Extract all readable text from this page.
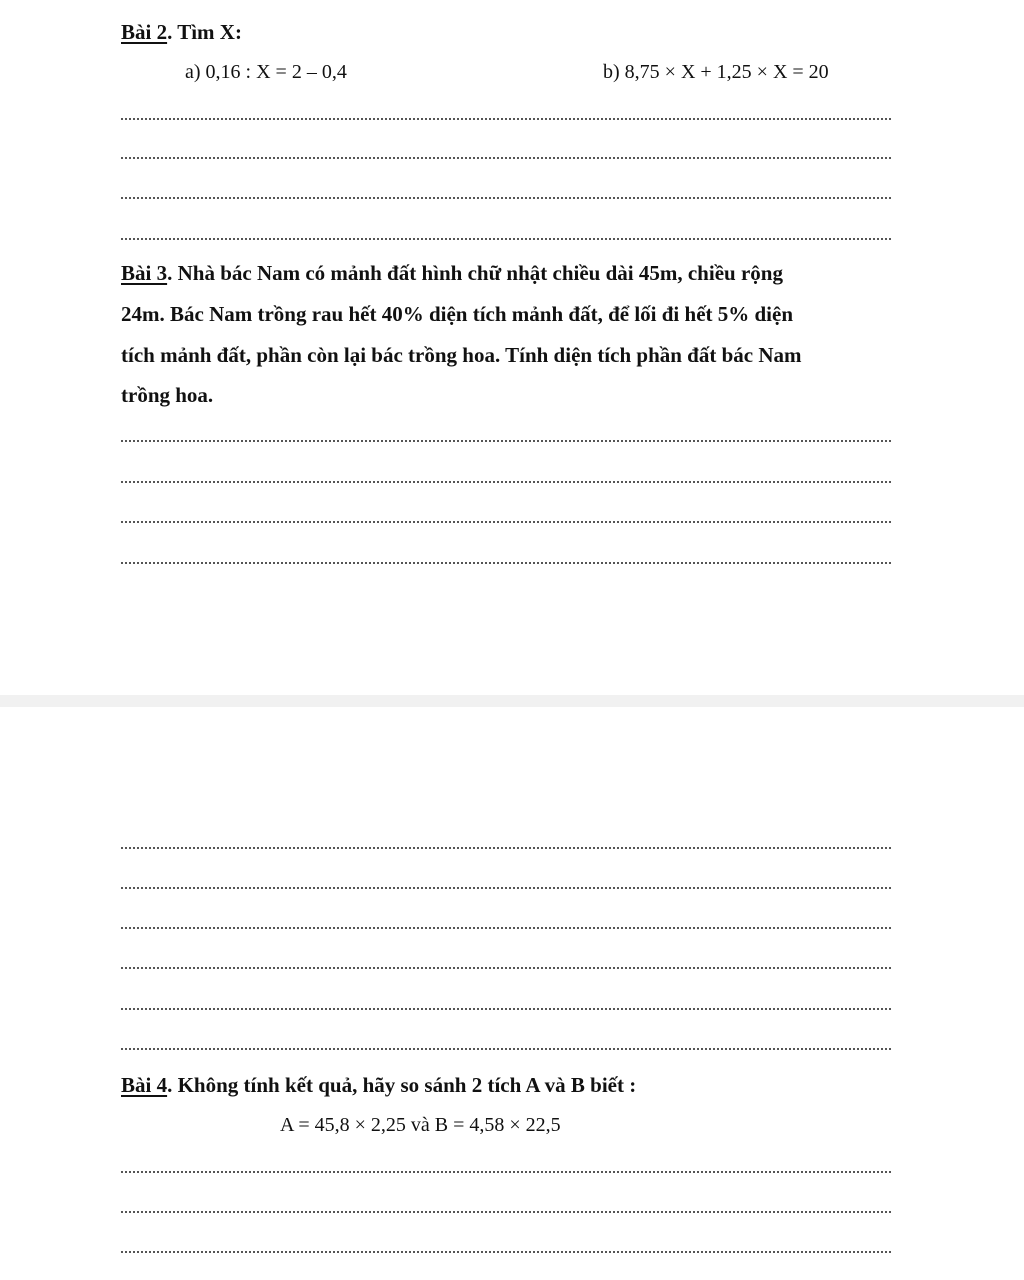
Bài 2. Tìm X:
a) 0,16 : X = 2 – 0,4	b) 8,75 × X + 1,25 × X = 20
Bài 3. Nhà bác Nam có mảnh đất hình chữ nhật chiều dài 45m, chiều rộng
24m. Bác Nam trồng rau hết 40% diện tích mảnh đất, để lối đi hết 5% diện
tích mảnh đất, phần còn lại bác trồng hoa. Tính diện tích phần đất bác Nam
trồng hoa.
Bài 4. Không tính kết quả, hãy so sánh 2 tích A và B biết :
A = 45,8 × 2,25 và B = 4,58 × 22,5
